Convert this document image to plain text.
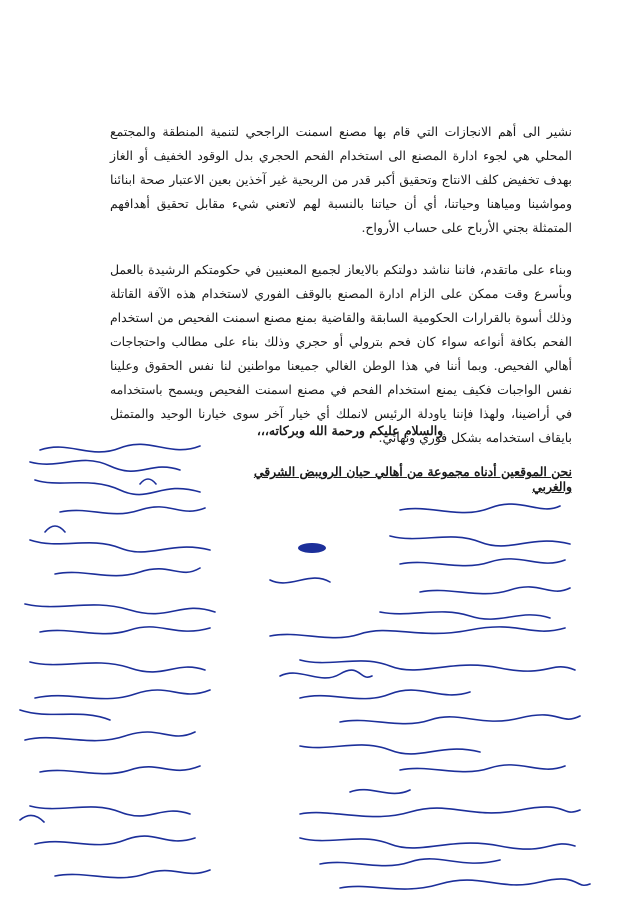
نشير الى أهم الانجازات التي قام بها مصنع اسمنت الراجحي لتنمية المنطقة والمجتمع المحلي هي لجوء ادارة المصنع الى استخدام الفحم الحجري بدل الوقود الخفيف أو الغاز بهدف تخفيض كلف الانتاج وتحقيق أكبر قدر من الربحية غير آخذين بعين الاعتبار صحة ابنائنا ومواشينا ومياهنا وحياتنا، أي أن حياتنا بالنسبة لهم لاتعني شيء مقابل تحقيق أهدافهم المتمثلة بجني الأرباح على حساب الأرواح.

وبناء على ماتقدم، فاننا نناشد دولتكم بالايعاز لجميع المعنيين في حكومتكم الرشيدة بالعمل وبأسرع وقت ممكن على الزام ادارة المصنع بالوقف الفوري لاستخدام هذه الآفة القاتلة وذلك أسوة بالقرارات الحكومية السابقة والقاضية بمنع مصنع اسمنت الفحيص من استخدام الفحم بكافة أنواعه سواء كان فحم بترولي أو حجري وذلك بناء على مطالب واحتجاجات أهالي الفحيص. وبما أننا في هذا الوطن الغالي جميعنا مواطنين لنا نفس الحقوق وعلينا نفس الواجبات فكيف يمنع استخدام الفحم في مصنع اسمنت الفحيص ويسمح باستخدامه في أراضينا، ولهذا فإننا ياودلة الرئيس لانملك أي خيار آخر سوى خيارنا الوحيد والمتمثل بايقاف استخدامه بشكل فوري ونهائي.

والسلام عليكم ورحمة الله وبركاته،،،
نحن الموقعين أدناه مجموعة من أهالي حيان الرويبض الشرقي والغربي
